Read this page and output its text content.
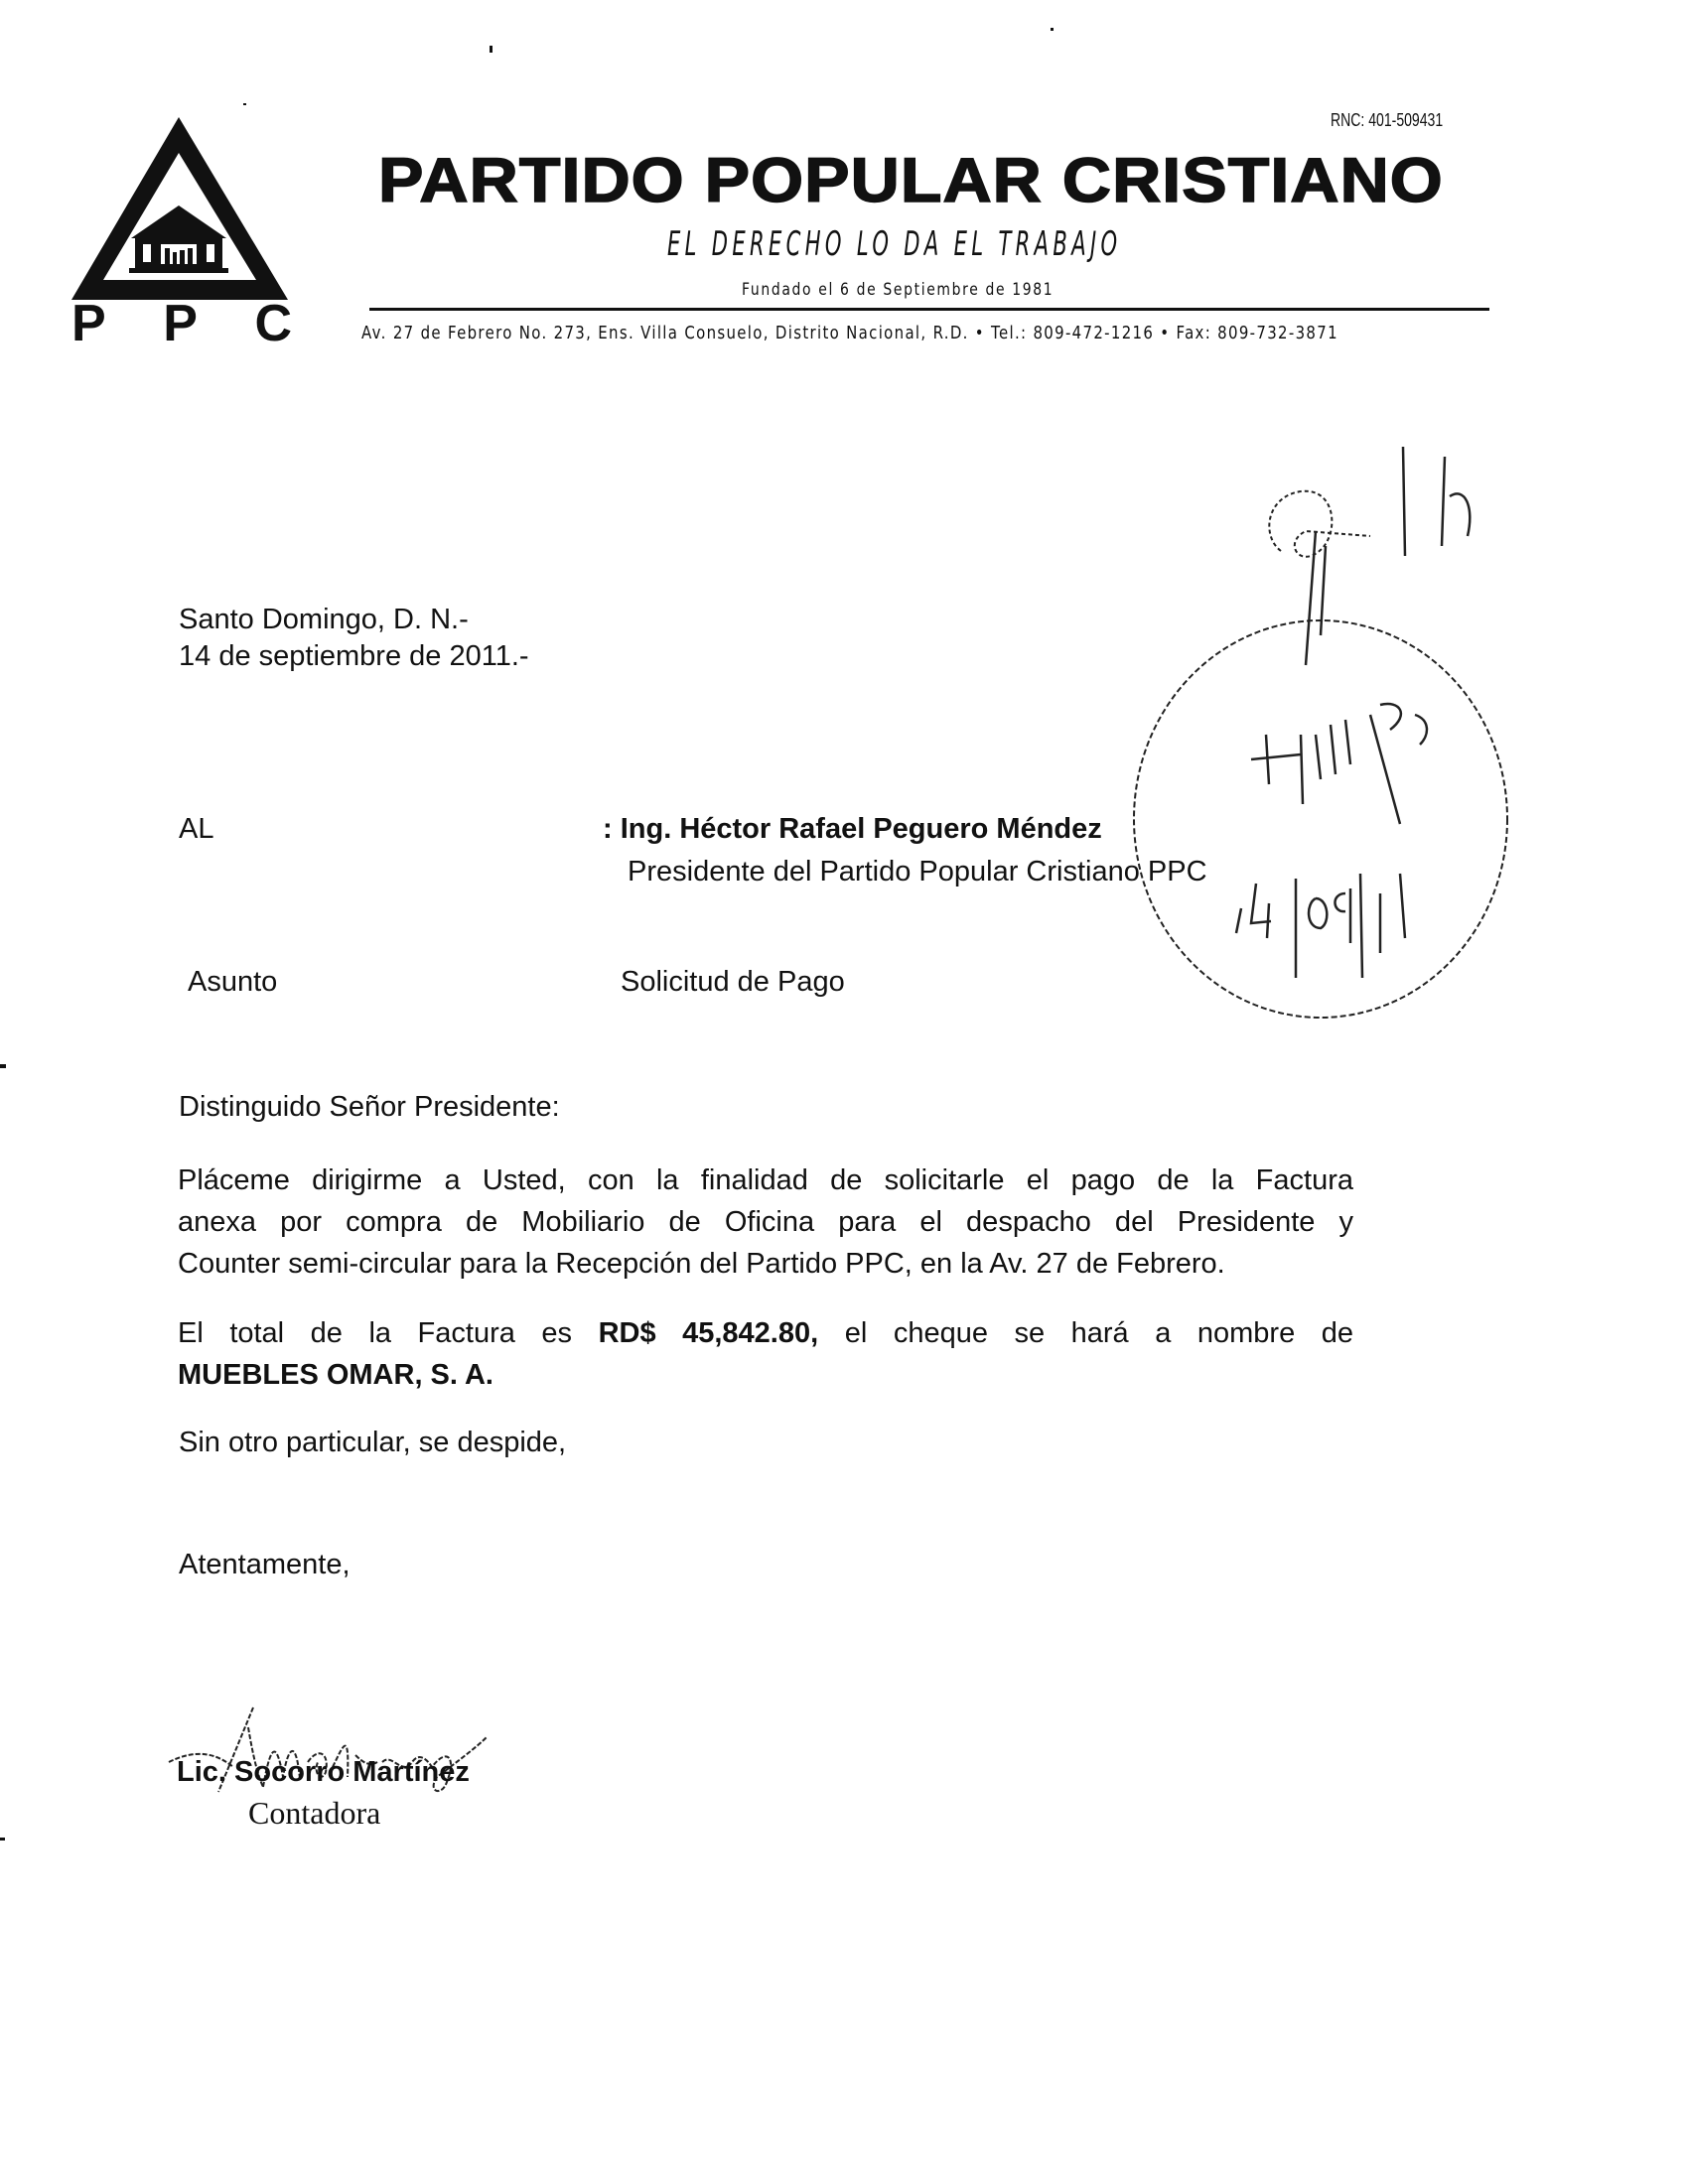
P P C
RNC: 401-509431
PARTIDO POPULAR CRISTIANO
EL DERECHO LO DA EL TRABAJO
Fundado el 6 de Septiembre de 1981
Av. 27 de Febrero No. 273, Ens. Villa Consuelo, Distrito Nacional, R.D. • Tel.: 809-472-1216 • Fax: 809-732-3871
Santo Domingo, D. N.-
14 de septiembre de 2011.-
AL	: Ing. Héctor Rafael Peguero Méndez
Presidente del Partido Popular Cristiano PPC
Asunto	Solicitud de Pago
Distinguido Señor Presidente:
Pláceme dirigirme a Usted, con la finalidad de solicitarle el pago de la Factura
anexa por compra de Mobiliario de Oficina para el despacho del Presidente y
Counter semi-circular para la Recepción del Partido PPC, en la Av. 27 de Febrero.
El total de la Factura es RD$ 45,842.80, el cheque se hará a nombre de
MUEBLES OMAR, S. A.
Sin otro particular, se despide,
Atentamente,
Lic. Socorro Martínez
Contadora
